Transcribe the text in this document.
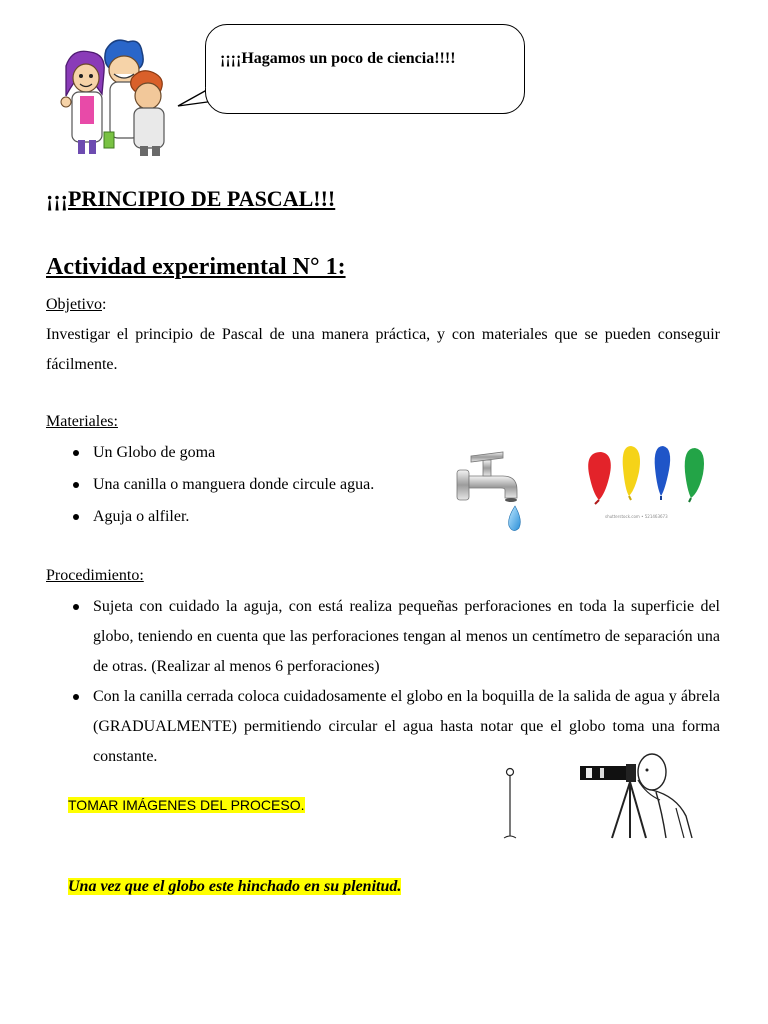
¡¡¡¡Hagamos un poco de ciencia!!!!
¡¡¡PRINCIPIO DE PASCAL!!!
Actividad experimental N° 1:
Objetivo:
Investigar el principio de Pascal de una manera práctica, y con materiales que se pueden conseguir fácilmente.
Materiales:
Un Globo de goma
Una canilla o manguera donde circule agua.
Aguja o alfiler.	shutterstock.com • 521463673
Procedimiento:
Sujeta con cuidado la aguja, con está realiza pequeñas perforaciones en toda la superficie del globo, teniendo en cuenta que las perforaciones tengan al menos un centímetro de separación una de otras. (Realizar al menos 6 perforaciones)
Con la canilla cerrada coloca cuidadosamente el globo en la boquilla de la salida de agua y ábrela (GRADUALMENTE) permitiendo circular el agua hasta notar que el globo toma una forma constante.
TOMAR IMÁGENES DEL PROCESO.
Una vez que el globo este hinchado en su plenitud.
